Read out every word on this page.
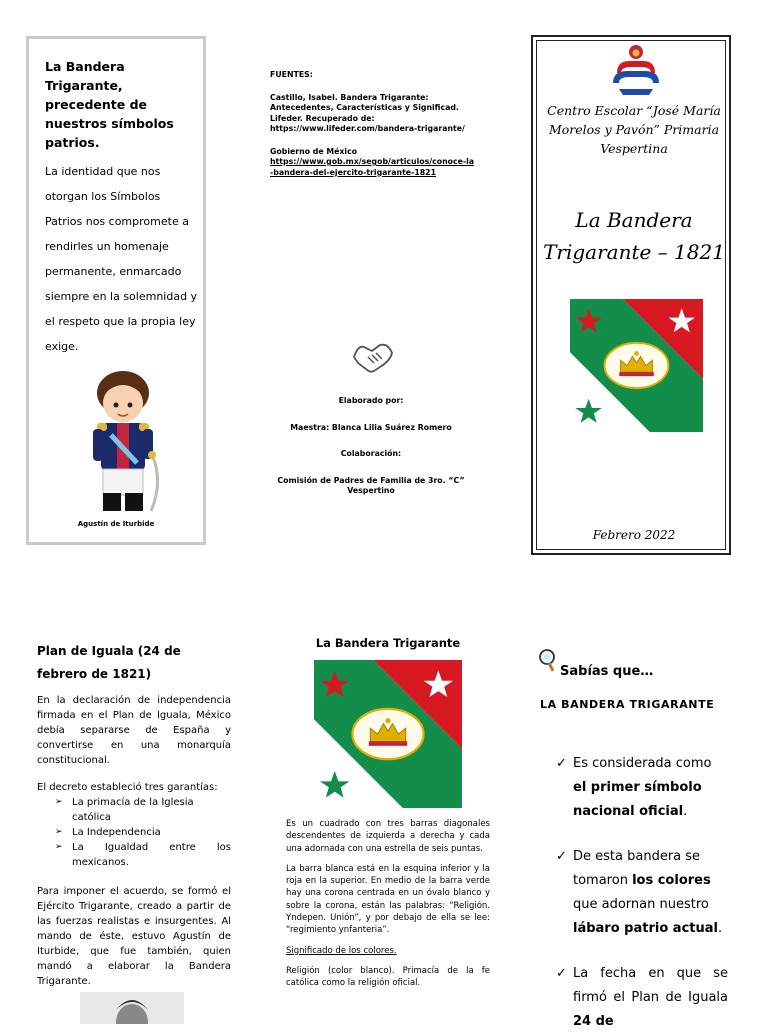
La Bandera Trigarante, precedente de nuestros símbolos patrios.
La identidad que nos otorgan los Símbolos Patrios nos compromete a rendirles un homenaje permanente, enmarcado siempre en la solemnidad y el respeto que la propia ley exige.
Agustín de Iturbide
FUENTES:
Castillo, Isabel. Bandera Trigarante: Antecedentes, Características y Significad. Lifeder. Recuperado de:
https://www.lifeder.com/bandera-trigarante/
Gobierno de México
https://www.gob.mx/segob/articulos/conoce-la-bandera-del-ejercito-trigarante-1821

Elaborado por:

Maestra: Blanca Lilia Suárez Romero

Colaboración:

Comisión de Padres de Familia de 3ro. “C” Vespertino

Centro Escolar “José María Morelos y Pavón” Primaria Vespertina
La Bandera Trigarante – 1821
Febrero 2022
Plan de Iguala (24 de febrero de 1821)
En la declaración de independencia firmada en el Plan de Iguala, México debía separarse de España y convertirse en una monarquía constitucional.
El decreto estableció tres garantías:
➢ La primacía de la Iglesia católica
➢ La Independencia
➢ La Igualdad entre los mexicanos.
Para imponer el acuerdo, se formó el Ejército Trigarante, creado a partir de las fuerzas realistas e insurgentes. Al mando de éste, estuvo Agustín de Iturbide, que fue también, quien mandó a elaborar la Bandera Trigarante.
La Bandera Trigarante

Es un cuadrado con tres barras diagonales descendentes de izquierda a derecha y cada una adornada con una estrella de seis puntas.

La barra blanca está en la esquina inferior y la roja en la superior. En medio de la barra verde hay una corona centrada en un óvalo blanco y sobre la corona, están las palabras: “Religión. Yndepen. Unión”, y por debajo de ella se lee: “regimiento ynfanteria”.

Significado de los colores.

Religión (color blanco). Primacía de la fe católica como la religión oficial.

Sabías que…
LA BANDERA TRIGARANTE
✓ Es considerada como el primer símbolo nacional oficial.
✓ De esta bandera se tomaron los colores que adornan nuestro lábaro patrio actual.
✓ La fecha en que se firmó el Plan de Iguala 24 de
